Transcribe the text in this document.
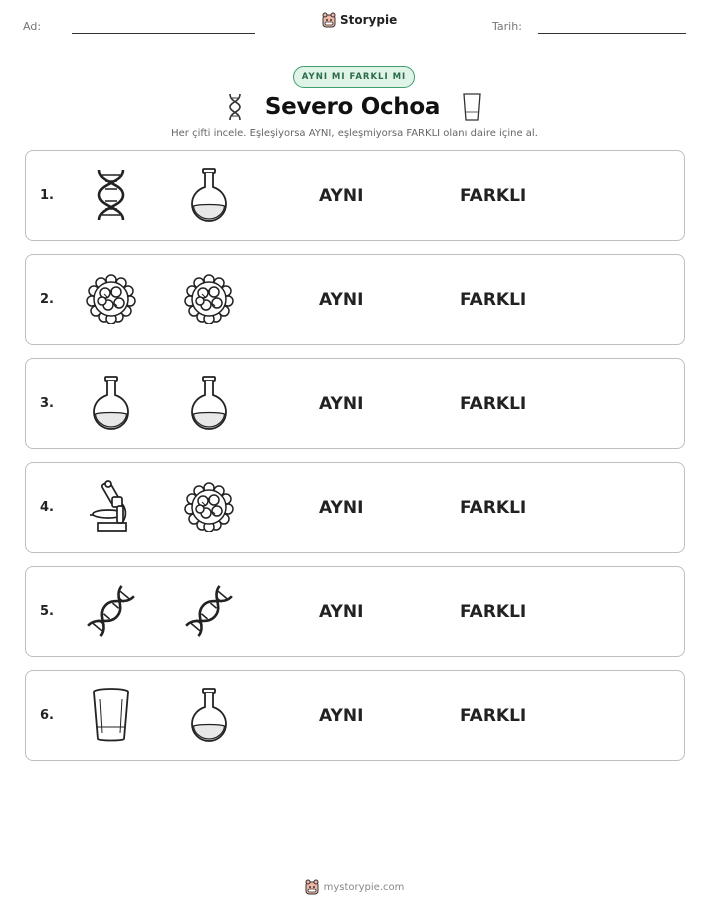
Ad:	Storypie	Tarih:
AYNI MI FARKLI MI
Severo Ochoa
Her çifti incele. Eşleşiyorsa AYNI, eşleşmiyorsa FARKLI olanı daire içine al.
1.	AYNI	FARKLI
2.	AYNI	FARKLI
3.	AYNI	FARKLI
4.	AYNI	FARKLI
5.	AYNI	FARKLI
6.	AYNI	FARKLI
mystorypie.com
